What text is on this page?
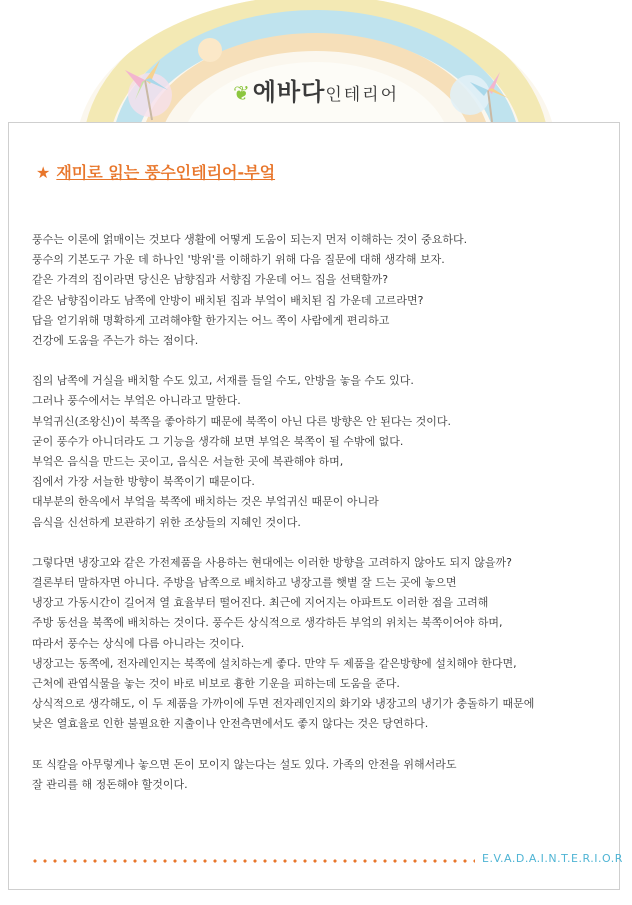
❦에바다인테리어
★ 재미로 읽는 풍수인테리어-부엌

풍수는 이론에 얽매이는 것보다 생활에 어떻게 도움이 되는지 먼저 이해하는 것이 중요하다.
풍수의 기본도구 가운 데 하나인 '방위'를 이해하기 위해 다음 질문에 대해 생각해 보자.
같은 가격의 집이라면 당신은 남향집과 서향집 가운데 어느 집을 선택할까?
같은 남향집이라도 남쪽에 안방이 배치된 집과 부엌이 배치된 집 가운데 고르라면?
답을 얻기위해 명확하게 고려해야할 한가지는 어느 쪽이 사람에게 편리하고
건강에 도움을 주는가 하는 점이다.

집의 남쪽에 거실을 배치할 수도 있고, 서재를 들일 수도, 안방을 놓을 수도 있다.
그러나 풍수에서는 부엌은 아니라고 말한다.
부엌귀신(조왕신)이 북쪽을 좋아하기 때문에 북쪽이 아닌 다른 방향은 안 된다는 것이다.
굳이 풍수가 아니더라도 그 기능을 생각해 보면 부엌은 북쪽이 될 수밖에 없다.
부엌은 음식을 만드는 곳이고, 음식은 서늘한 곳에 복관해야 하며,
집에서 가장 서늘한 방향이 북쪽이기 때문이다.
대부분의 한옥에서 부엌을 북쪽에 배치하는 것은 부엌귀신 때문이 아니라
음식을 신선하게 보관하기 위한 조상들의 지혜인 것이다.

그렇다면 냉장고와 같은 가전제품을 사용하는 현대에는 이러한 방향을 고려하지 않아도 되지 않을까?
결론부터 말하자면 아니다. 주방을 남쪽으로 배치하고 냉장고를 햇볕 잘 드는 곳에 놓으면
냉장고 가동시간이 길어져 열 효율부터 떨어진다. 최근에 지어지는 아파트도 이러한 점을 고려해
주방 동선을 북쪽에 배치하는 것이다. 풍수든 상식적으로 생각하든 부엌의 위치는 북쪽이어야 하며,
따라서 풍수는 상식에 다름 아니라는 것이다.
냉장고는 동쪽에, 전자레인지는 북쪽에 설치하는게 좋다. 만약 두 제품을 같은방향에 설치해야 한다면,
근처에 관엽식물을 놓는 것이 바로 비보로 흉한 기운을 피하는데 도움을 준다.
상식적으로 생각해도, 이 두 제품을 가까이에 두면 전자레인지의 화기와 냉장고의 냉기가 충돌하기 때문에
낮은 열효율로 인한 불필요한 지출이나 안전측면에서도 좋지 않다는 것은 당연하다.

또 식칼을 아무렇게나 놓으면 돈이 모이지 않는다는 설도 있다. 가족의 안전을 위해서라도
잘 관리를 해 정돈해야 할것이다.

E.V.A.D.A.I.N.T.E.R.I.O.R
